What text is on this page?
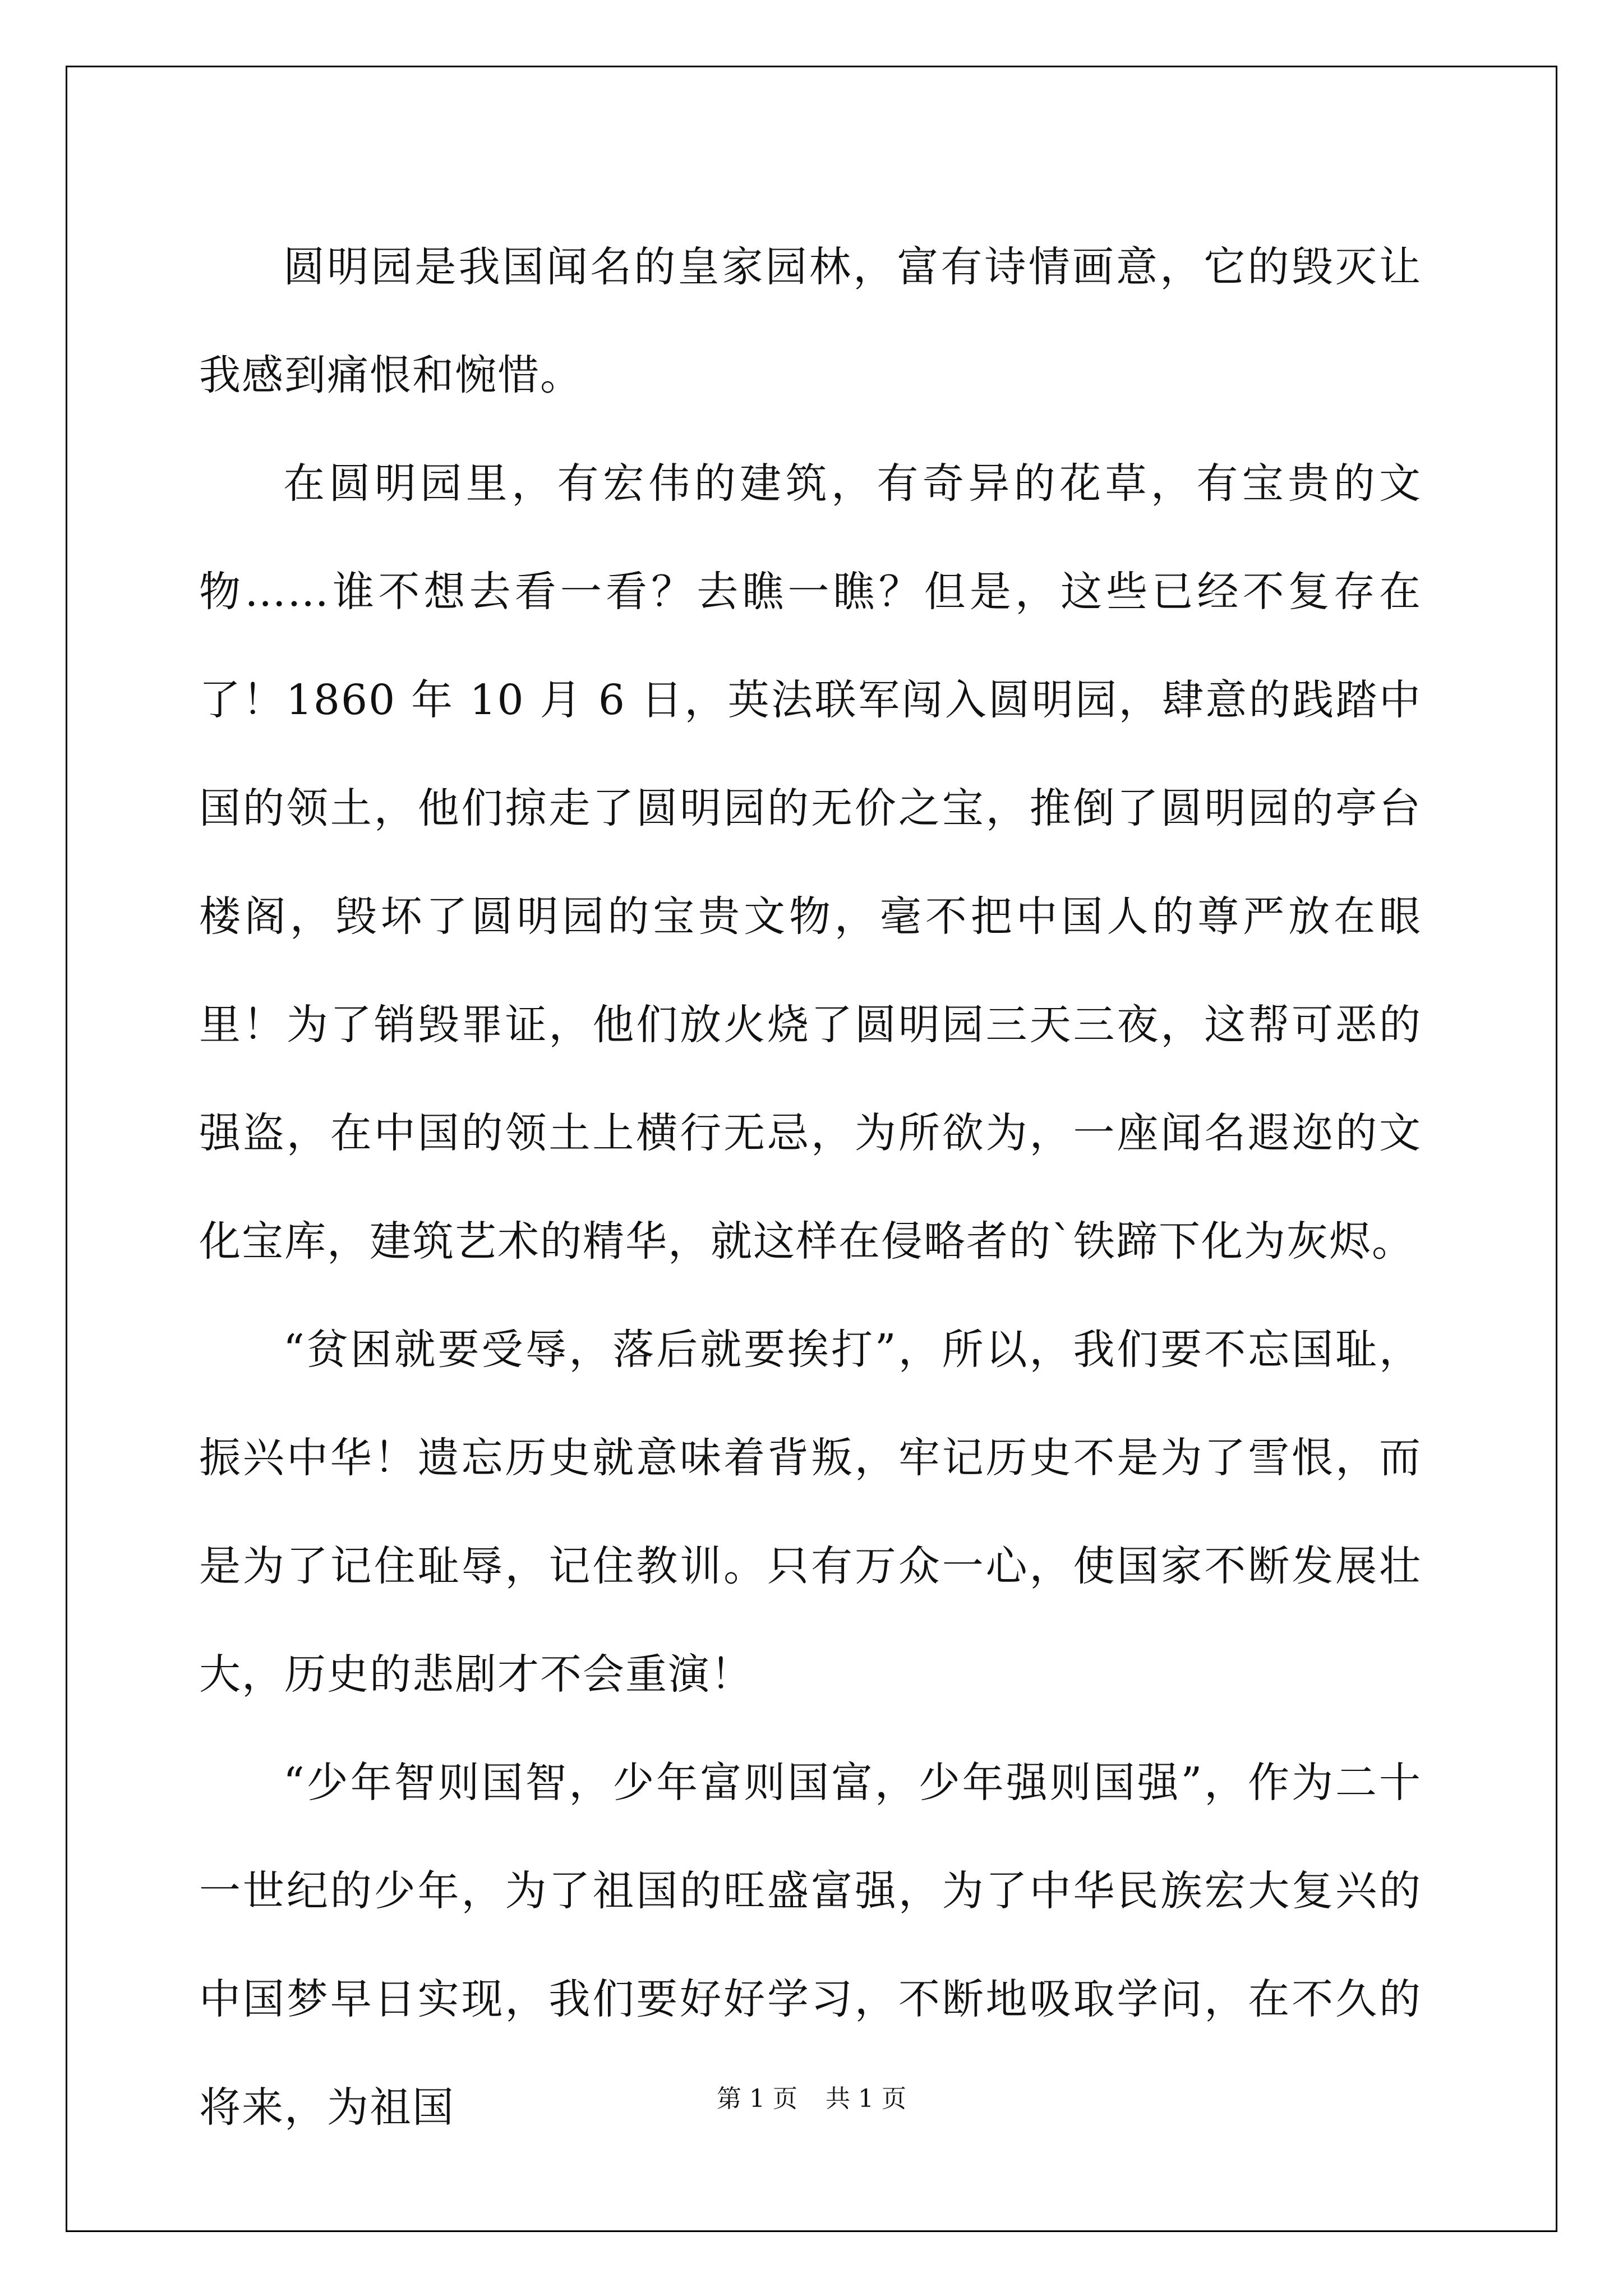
圆明园是我国闻名的皇家园林，富有诗情画意，它的毁灭让我感到痛恨和惋惜。

在圆明园里，有宏伟的建筑，有奇异的花草，有宝贵的文物……谁不想去看一看？去瞧一瞧？但是，这些已经不复存在了！1860 年 10 月 6 日，英法联军闯入圆明园，肆意的践踏中国的领土，他们掠走了圆明园的无价之宝，推倒了圆明园的亭台楼阁，毁坏了圆明园的宝贵文物，毫不把中国人的尊严放在眼里！为了销毁罪证，他们放火烧了圆明园三天三夜，这帮可恶的强盗，在中国的领土上横行无忌，为所欲为，一座闻名遐迩的文化宝库，建筑艺术的精华，就这样在侵略者的`铁蹄下化为灰烬。

“贫困就要受辱，落后就要挨打”，所以，我们要不忘国耻，振兴中华！遗忘历史就意味着背叛，牢记历史不是为了雪恨，而是为了记住耻辱，记住教训。只有万众一心，使国家不断发展壮大，历史的悲剧才不会重演！

“少年智则国智，少年富则国富，少年强则国强”，作为二十一世纪的少年，为了祖国的旺盛富强，为了中华民族宏大复兴的中国梦早日实现，我们要好好学习，不断地吸取学问，在不久的将来，为祖国	第 1 页 共 1 页
